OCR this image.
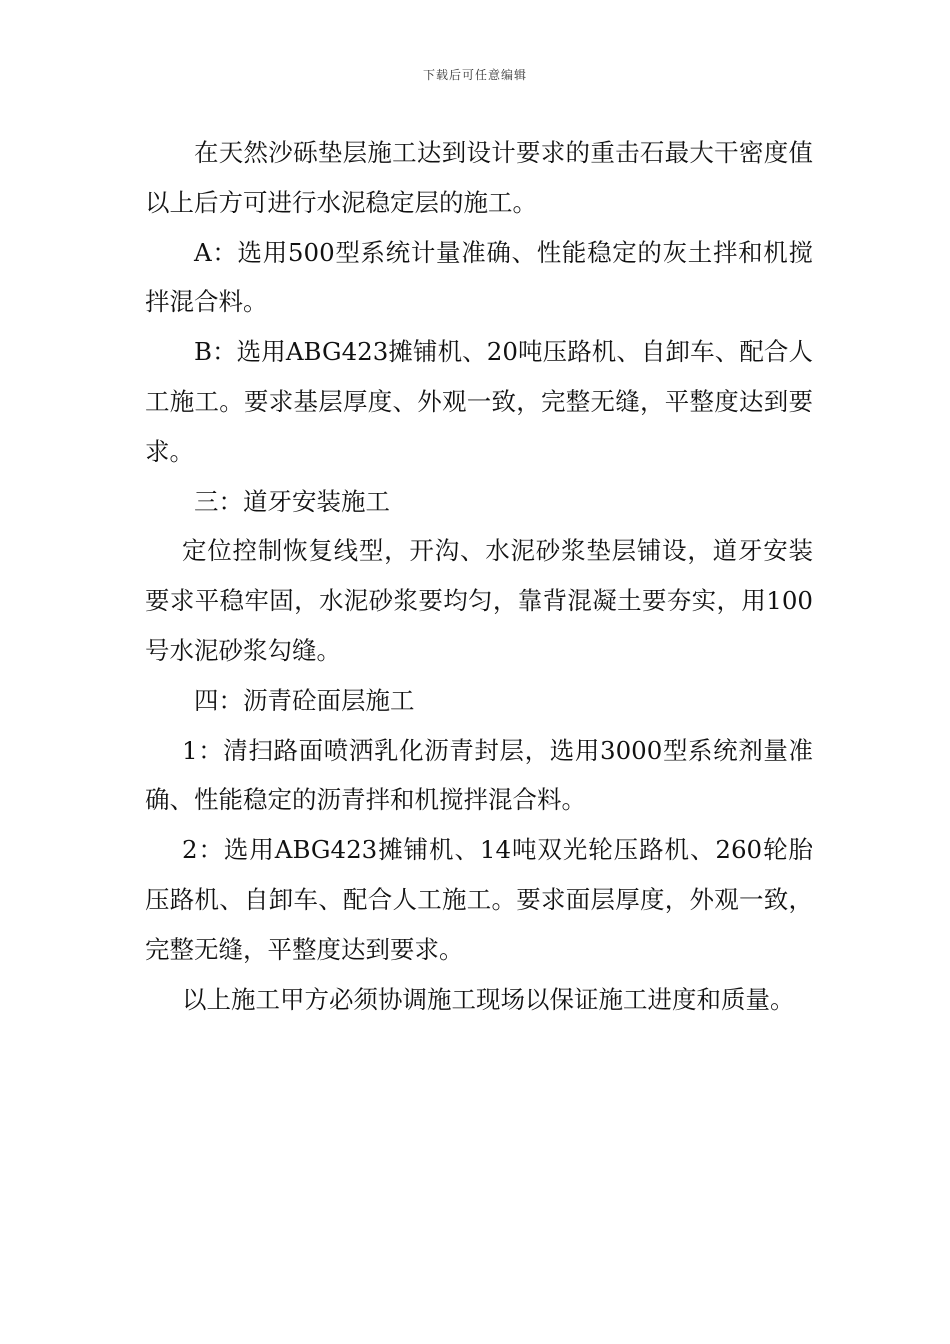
下载后可任意编辑

在天然沙砾垫层施工达到设计要求的重击石最大干密度值以上后方可进行水泥稳定层的施工。

A：选用500型系统计量准确、性能稳定的灰土拌和机搅拌混合料。

B：选用ABG423摊铺机、20吨压路机、自卸车、配合人工施工。要求基层厚度、外观一致，完整无缝，平整度达到要求。

三：道牙安装施工

定位控制恢复线型，开沟、水泥砂浆垫层铺设，道牙安装要求平稳牢固，水泥砂浆要均匀，靠背混凝土要夯实，用100号水泥砂浆勾缝。

四：沥青砼面层施工

1：清扫路面喷洒乳化沥青封层，选用3000型系统剂量准确、性能稳定的沥青拌和机搅拌混合料。

2：选用ABG423摊铺机、14吨双光轮压路机、260轮胎压路机、自卸车、配合人工施工。要求面层厚度，外观一致，完整无缝，平整度达到要求。

以上施工甲方必须协调施工现场以保证施工进度和质量。
